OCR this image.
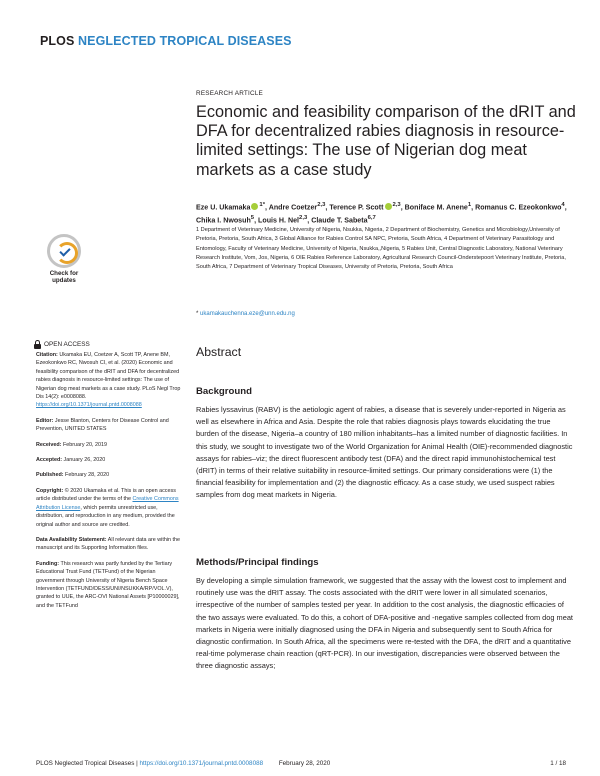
PLOS NEGLECTED TROPICAL DISEASES
RESEARCH ARTICLE
Economic and feasibility comparison of the dRIT and DFA for decentralized rabies diagnosis in resource-limited settings: The use of Nigerian dog meat markets as a case study
Eze U. Ukamaka $^{1*}$, Andre Coetzer$^{2,3}$, Terence P. Scott $^{2,3}$, Boniface M. Anene$^1$, Romanus C. Ezeokonkwo$^4$, Chika I. Nwosuh$^5$, Louis H. Nel$^{2,3}$, Claude T. Sabeta$^{6,7}$
1 Department of Veterinary Medicine, University of Nigeria, Nsukka, Nigeria, 2 Department of Biochemistry, Genetics and Microbiology,University of Pretoria, Pretoria, South Africa, 3 Global Alliance for Rabies Control SA NPC, Pretoria, South Africa, 4 Department of Veterinary Parasitology and Entomology, Faculty of Veterinary Medicine, University of Nigeria, Nsukka,,Nigeria, 5 Rabies Unit, Central Diagnostic Laboratory, National Veterinary Research Institute, Vom, Jos, Nigeria, 6 OIE Rabies Reference Laboratory, Agricultural Research Council-Onderstepoort Veterinary Institute, Pretoria, South Africa, 7 Department of Veterinary Tropical Diseases, University of Pretoria, Pretoria, South Africa
* ukamakauchenna.eze@unn.edu.ng
Check for updates
OPEN ACCESS

Citation: Ukamaka EU, Coetzer A, Scott TP, Anene BM, Ezeokonkwo RC, Nwosuh CI, et al. (2020) Economic and feasibility comparison of the dRIT and DFA for decentralized rabies diagnosis in resource-limited settings: The use of Nigerian dog meat markets as a case study. PLoS Negl Trop Dis 14(2): e0008088. https://doi.org/10.1371/journal.pntd.0008088

Editor: Jesse Blanton, Centers for Disease Control and Prevention, UNITED STATES

Received: February 20, 2019

Accepted: January 26, 2020

Published: February 28, 2020

Copyright: © 2020 Ukamaka et al. This is an open access article distributed under the terms of the Creative Commons Attribution License, which permits unrestricted use, distribution, and reproduction in any medium, provided the original author and source are credited.

Data Availability Statement: All relevant data are within the manuscript and its Supporting Information files.

Funding: This research was partly funded by the Tertiary Educational Trust Fund (TETFund) of the Nigerian government through University of Nigeria Bench Space Intervention (TETFUND/DESS/UNI/NSUKKA/RP/VOL.V), granted to UUE, the ARC-OVI National Assets [P10000029], and the TETFund

Abstract
Background

Rabies lyssavirus (RABV) is the aetiologic agent of rabies, a disease that is severely under-reported in Nigeria as well as elsewhere in Africa and Asia. Despite the role that rabies diagnosis plays towards elucidating the true burden of the disease, Nigeria–a country of 180 million inhabitants–has a limited number of diagnostic facilities. In this study, we sought to investigate two of the World Organization for Animal Health (OIE)-recommended diagnostic assays for rabies–viz; the direct fluorescent antibody test (DFA) and the direct rapid immunohistochemical test (dRIT) in terms of their relative suitability in resource-limited settings. Our primary considerations were (1) the financial feasibility for implementation and (2) the diagnostic efficacy. As a case study, we used suspect rabies samples from dog meat markets in Nigeria.

Methods/Principal findings

By developing a simple simulation framework, we suggested that the assay with the lowest cost to implement and routinely use was the dRIT assay. The costs associated with the dRIT were lower in all simulated scenarios, irrespective of the number of samples tested per year. In addition to the cost analysis, the diagnostic efficacies of the two assays were evaluated. To do this, a cohort of DFA-positive and -negative samples collected from dog meat markets in Nigeria were initially diagnosed using the DFA in Nigeria and subsequently sent to South Africa for diagnostic confirmation. In South Africa, all the specimens were re-tested with the DFA, the dRIT and a quantitative real-time polymerase chain reaction (qRT-PCR). In our investigation, discrepancies were observed between the three diagnostic assays;

PLOS Neglected Tropical Diseases | https://doi.org/10.1371/journal.pntd.0008088	February 28, 2020	1 / 18
